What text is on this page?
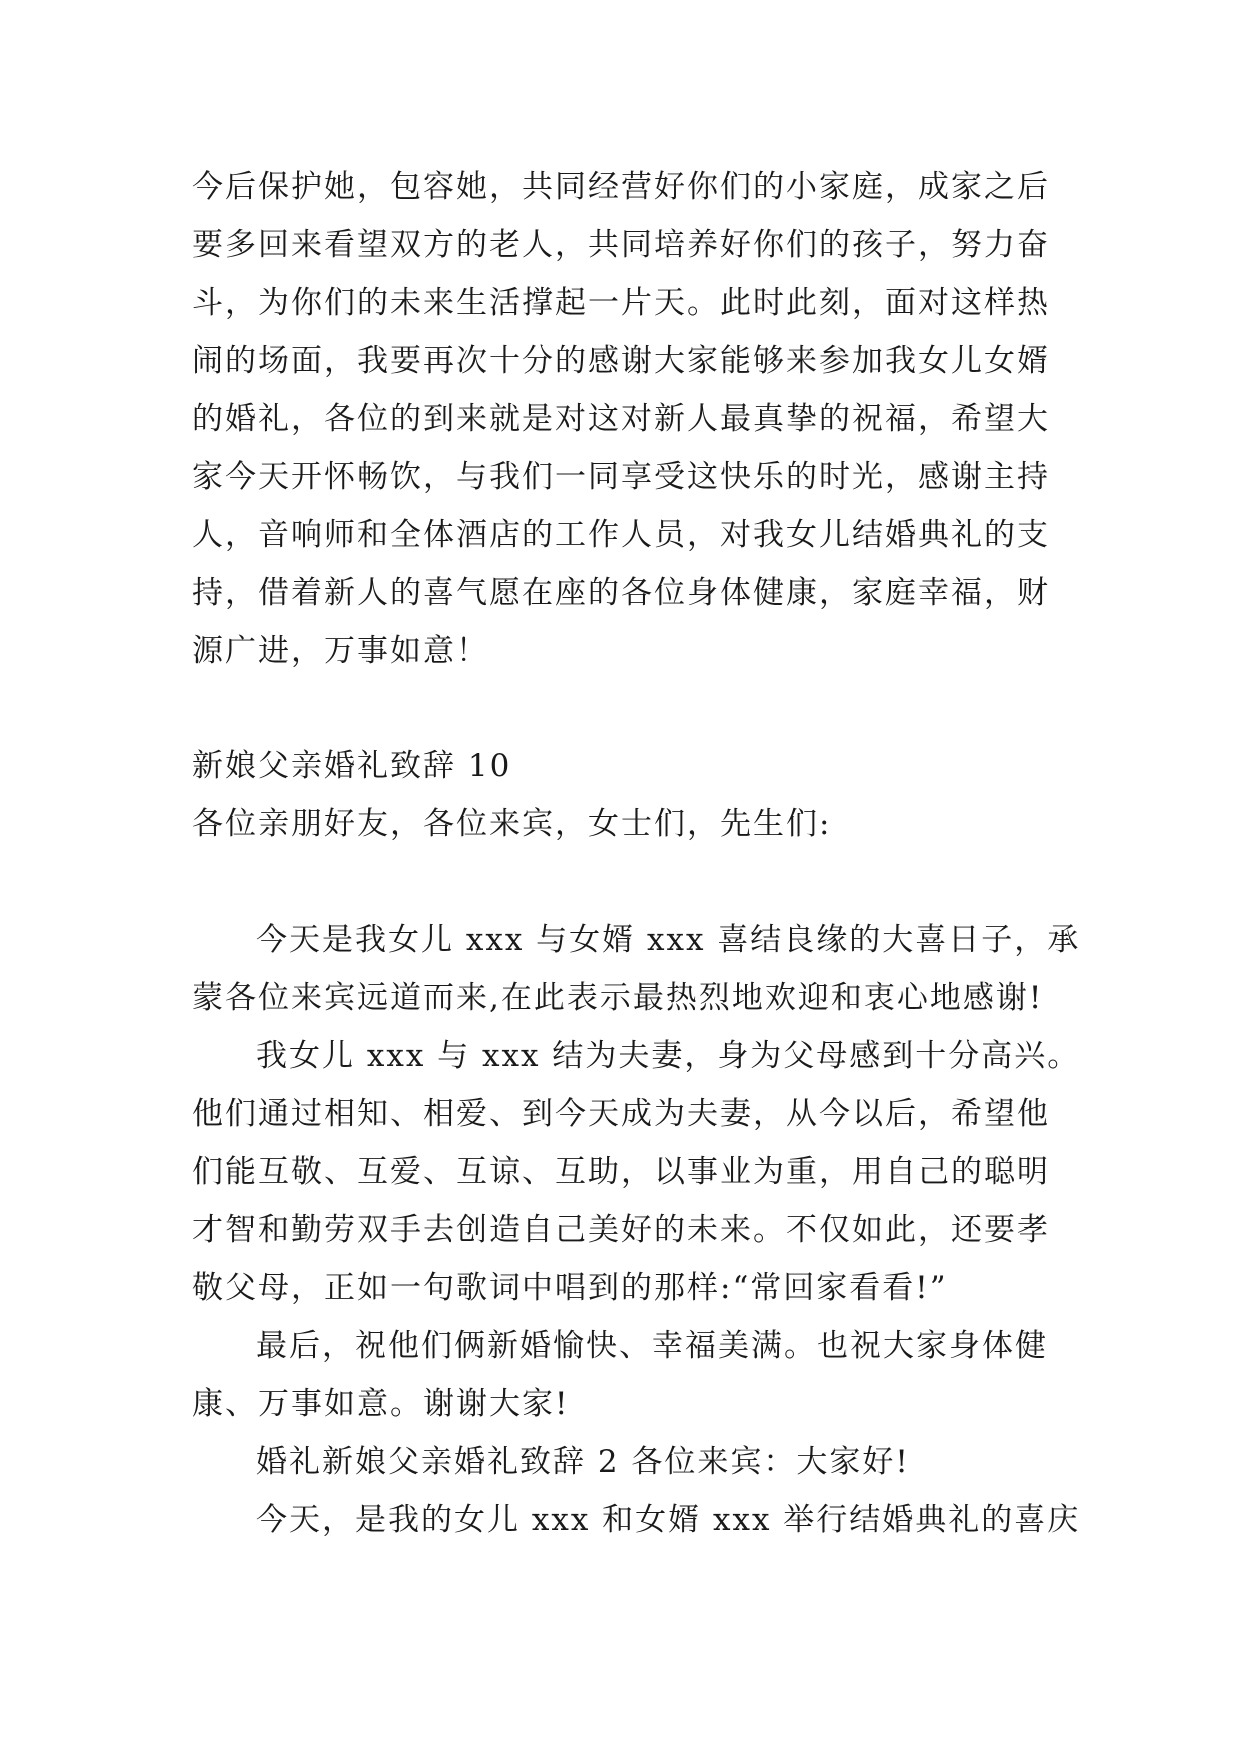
今后保护她，包容她，共同经营好你们的小家庭，成家之后
要多回来看望双方的老人，共同培养好你们的孩子，努力奋
斗，为你们的未来生活撑起一片天。此时此刻，面对这样热
闹的场面，我要再次十分的感谢大家能够来参加我女儿女婿
的婚礼，各位的到来就是对这对新人最真挚的祝福，希望大
家今天开怀畅饮，与我们一同享受这快乐的时光，感谢主持
人，音响师和全体酒店的工作人员，对我女儿结婚典礼的支
持，借着新人的喜气愿在座的各位身体健康，家庭幸福，财
源广进，万事如意！
新娘父亲婚礼致辞 10
各位亲朋好友，各位来宾，女士们，先生们:
今天是我女儿 xxx 与女婿 xxx 喜结良缘的大喜日子，承
蒙各位来宾远道而来,在此表示最热烈地欢迎和衷心地感谢!
我女儿 xxx 与 xxx 结为夫妻，身为父母感到十分高兴。
他们通过相知、相爱、到今天成为夫妻，从今以后，希望他
们能互敬、互爱、互谅、互助，以事业为重，用自己的聪明
才智和勤劳双手去创造自己美好的未来。不仅如此，还要孝
敬父母，正如一句歌词中唱到的那样:“常回家看看!”
最后，祝他们俩新婚愉快、幸福美满。也祝大家身体健
康、万事如意。谢谢大家!
婚礼新娘父亲婚礼致辞 2 各位来宾：大家好!
今天，是我的女儿 xxx 和女婿 xxx 举行结婚典礼的喜庆
